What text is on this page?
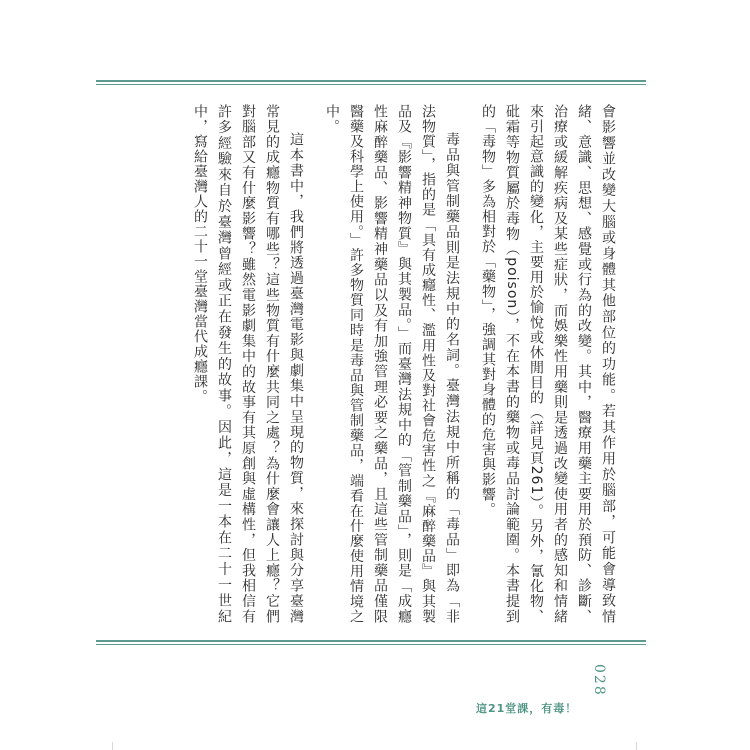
會影響並改變大腦或身體其他部位的功能。若其作用於腦部，可能會導致情緒、意識、思想、感覺或行為的改變。其中，醫療用藥主要用於預防、診斷、治療或緩解疾病及某些症狀，而娛樂性用藥則是透過改變使用者的感知和情緒來引起意識的變化，主要用於愉悅或休閒目的（詳見頁261）。另外，氰化物、砒霜等物質屬於毒物（poison），不在本書的藥物或毒品討論範圍。本書提到的「毒物」多為相對於「藥物」，強調其對身體的危害與影響。

毒品與管制藥品則是法規中的名詞。臺灣法規中所稱的「毒品」即為「非法物質」，指的是「具有成癮性、濫用性及對社會危害性之『麻醉藥品』與其製品及『影響精神物質』與其製品。」而臺灣法規中的「管制藥品」，則是「成癮性麻醉藥品、影響精神藥品以及有加強管理必要之藥品，且這些管制藥品僅限醫藥及科學上使用。」許多物質同時是毒品與管制藥品，端看在什麼使用情境之中。

這本書中，我們將透過臺灣電影與劇集中呈現的物質，來探討與分享臺灣常見的成癮物質有哪些？這些物質有什麼共同之處？為什麼會讓人上癮？它們對腦部又有什麼影響？雖然電影劇集中的故事有其原創與虛構性，但我相信有許多經驗來自於臺灣曾經或正在發生的故事。因此，這是一本在二十一世紀中，寫給臺灣人的二十一堂臺灣當代成癮課。

028
這21堂課，有毒！
